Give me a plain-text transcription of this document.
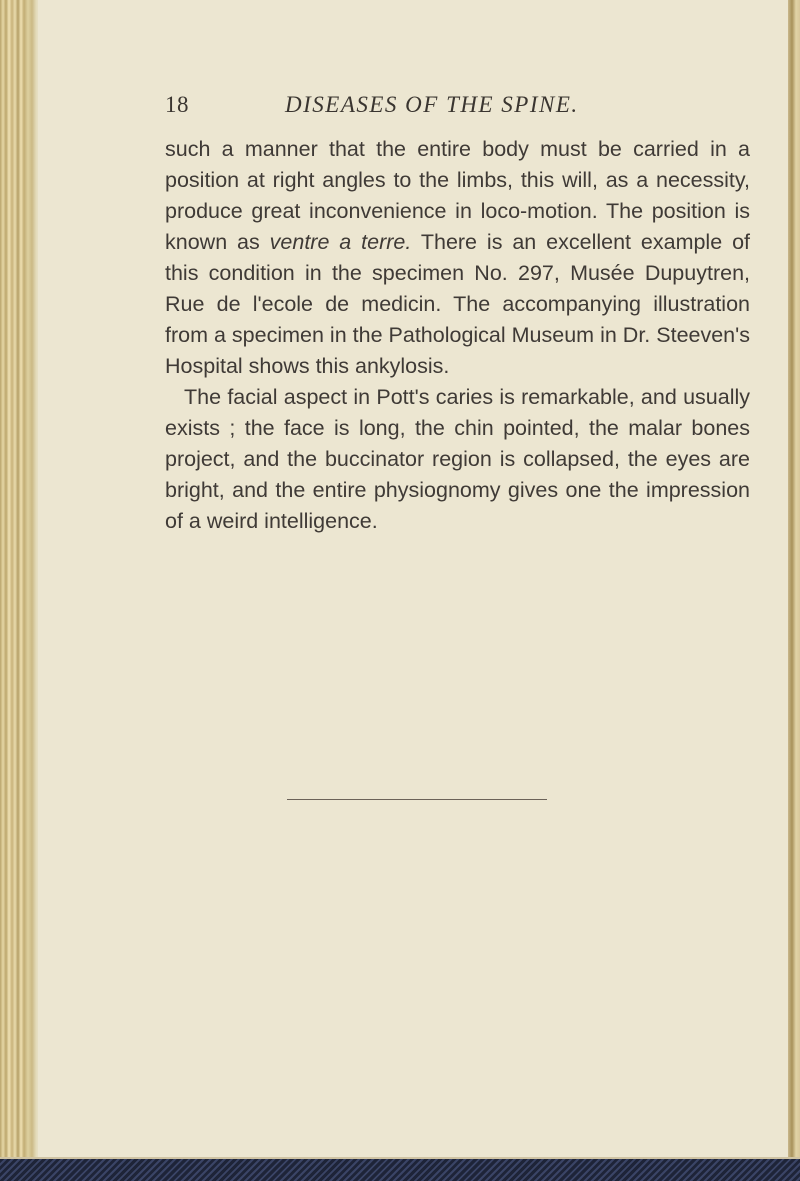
18	DISEASES OF THE SPINE.

such a manner that the entire body must be carried in a position at right angles to the limbs, this will, as a necessity, produce great inconvenience in loco-motion. The position is known as ventre a terre. There is an excellent example of this condition in the specimen No. 297, Musée Dupuytren, Rue de l'ecole de medicin. The accompanying illustration from a specimen in the Pathological Museum in Dr. Steeven's Hospital shows this ankylosis.

The facial aspect in Pott's caries is remarkable, and usually exists ; the face is long, the chin pointed, the malar bones project, and the buccinator region is collapsed, the eyes are bright, and the entire physiognomy gives one the impression of a weird intelligence.
